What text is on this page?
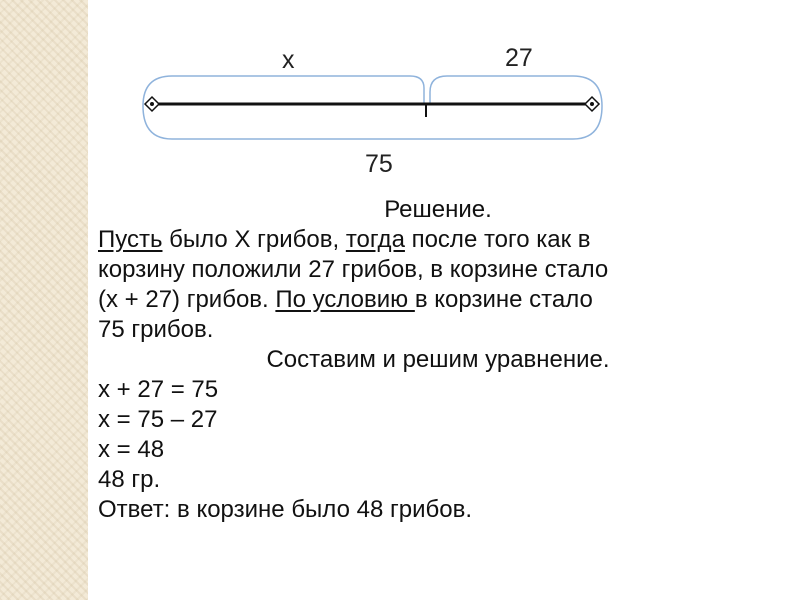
x	27
75
Решение.
Пусть было Х грибов, тогда после того как в
корзину положили 27 грибов, в корзине стало
(х + 27) грибов. По условию в корзине стало
75 грибов.
Составим и решим уравнение.
х + 27 = 75
х = 75 – 27
х = 48
48 гр.
Ответ: в корзине было 48 грибов.
